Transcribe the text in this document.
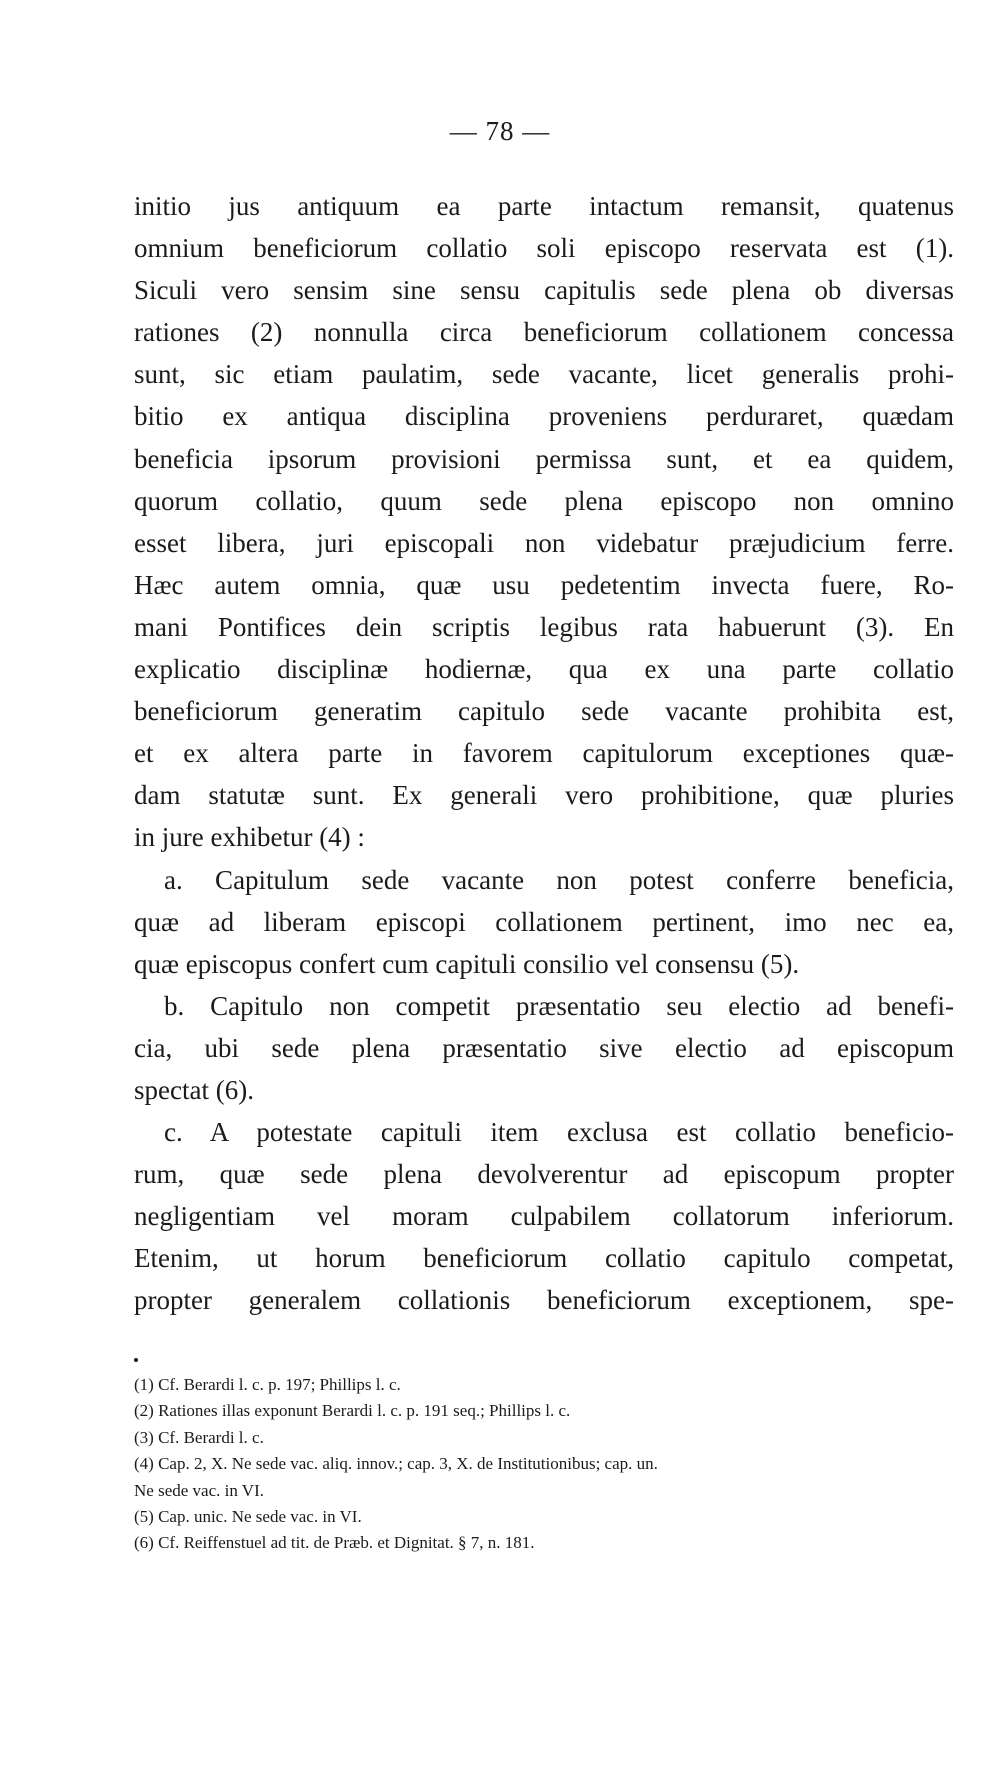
— 78 —
initio jus antiquum ea parte intactum remansit, quatenus
omnium beneficiorum collatio soli episcopo reservata est (1).
Siculi vero sensim sine sensu capitulis sede plena ob diversas
rationes (2) nonnulla circa beneficiorum collationem concessa
sunt, sic etiam paulatim, sede vacante, licet generalis prohi-
bitio ex antiqua disciplina proveniens perduraret, quædam
beneficia ipsorum provisioni permissa sunt, et ea quidem,
quorum collatio, quum sede plena episcopo non omnino
esset libera, juri episcopali non videbatur præjudicium ferre.
Hæc autem omnia, quæ usu pedetentim invecta fuere, Ro-
mani Pontifices dein scriptis legibus rata habuerunt (3). En
explicatio disciplinæ hodiernæ, qua ex una parte collatio
beneficiorum generatim capitulo sede vacante prohibita est,
et ex altera parte in favorem capitulorum exceptiones quæ-
dam statutæ sunt. Ex generali vero prohibitione, quæ pluries
in jure exhibetur (4) :
a. Capitulum sede vacante non potest conferre beneficia,
quæ ad liberam episcopi collationem pertinent, imo nec ea,
quæ episcopus confert cum capituli consilio vel consensu (5).
b. Capitulo non competit præsentatio seu electio ad benefi-
cia, ubi sede plena præsentatio sive electio ad episcopum
spectat (6).
c. A potestate capituli item exclusa est collatio beneficio-
rum, quæ sede plena devolverentur ad episcopum propter
negligentiam vel moram culpabilem collatorum inferiorum.
Etenim, ut horum beneficiorum collatio capitulo competat,
propter generalem collationis beneficiorum exceptionem, spe-
(1) Cf. Berardi l. c. p. 197; Phillips l. c.
(2) Rationes illas exponunt Berardi l. c. p. 191 seq.; Phillips l. c.
(3) Cf. Berardi l. c.
(4) Cap. 2, X. Ne sede vac. aliq. innov.; cap. 3, X. de Institutionibus; cap. un.
Ne sede vac. in VI.
(5) Cap. unic. Ne sede vac. in VI.
(6) Cf. Reiffenstuel ad tit. de Præb. et Dignitat. § 7, n. 181.
